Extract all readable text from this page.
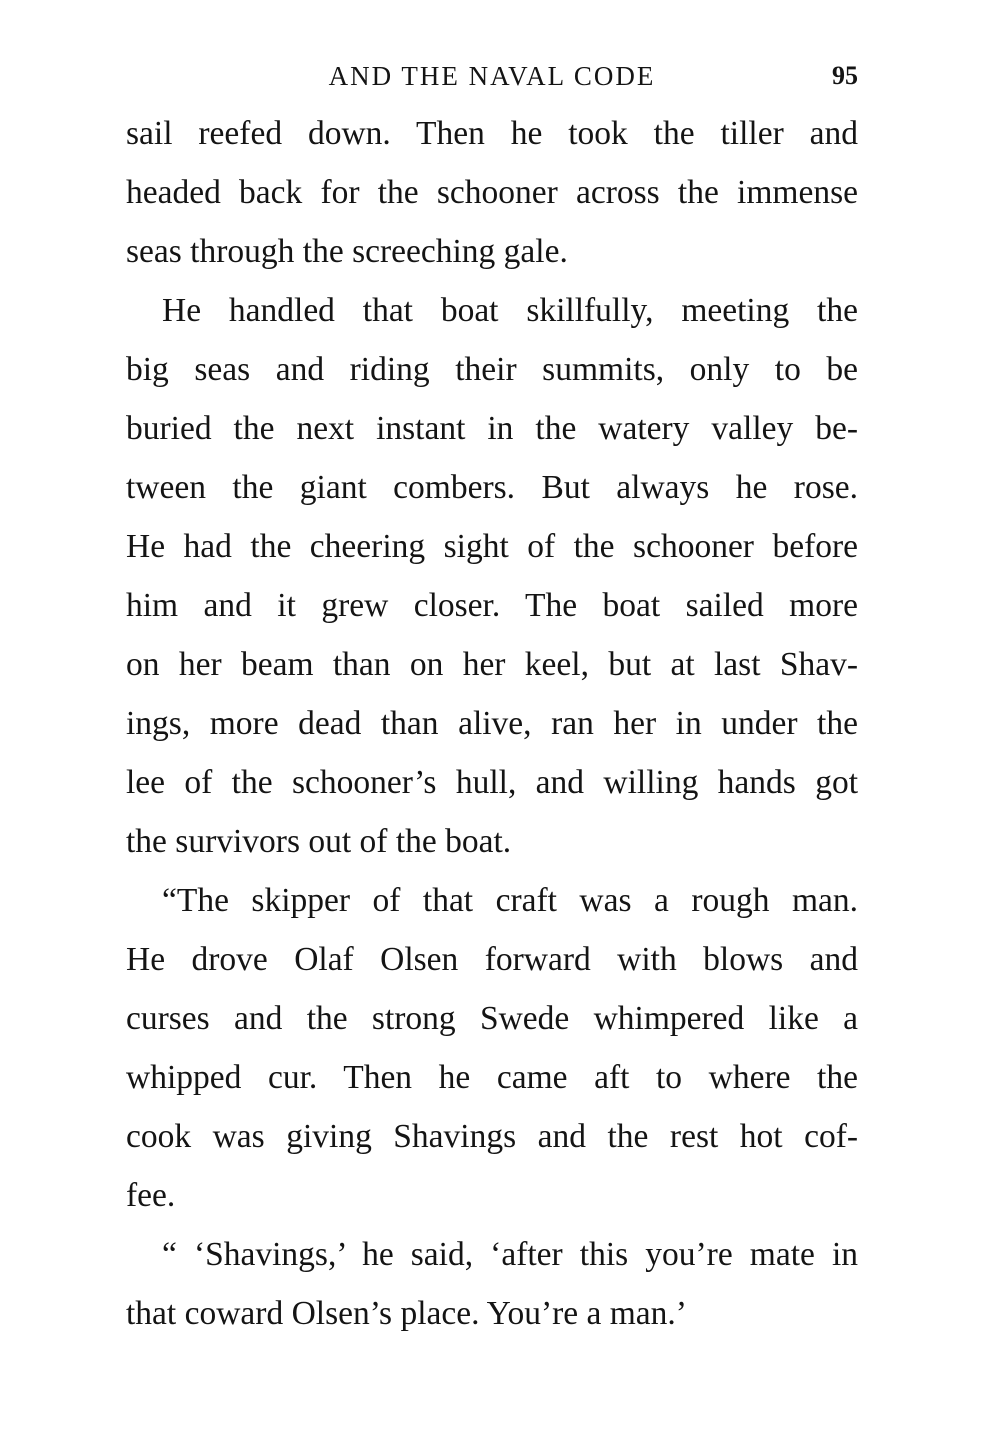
AND THE NAVAL CODE	95
sail reefed down. Then he took the tiller and
headed back for the schooner across the immense
seas through the screeching gale.
He handled that boat skillfully, meeting the
big seas and riding their summits, only to be
buried the next instant in the watery valley be-
tween the giant combers. But always he rose.
He had the cheering sight of the schooner before
him and it grew closer. The boat sailed more
on her beam than on her keel, but at last Shav-
ings, more dead than alive, ran her in under the
lee of the schooner’s hull, and willing hands got
the survivors out of the boat.
“The skipper of that craft was a rough man.
He drove Olaf Olsen forward with blows and
curses and the strong Swede whimpered like a
whipped cur. Then he came aft to where the
cook was giving Shavings and the rest hot cof-
fee.
“ ‘Shavings,’ he said, ‘after this you’re mate in
that coward Olsen’s place. You’re a man.’
